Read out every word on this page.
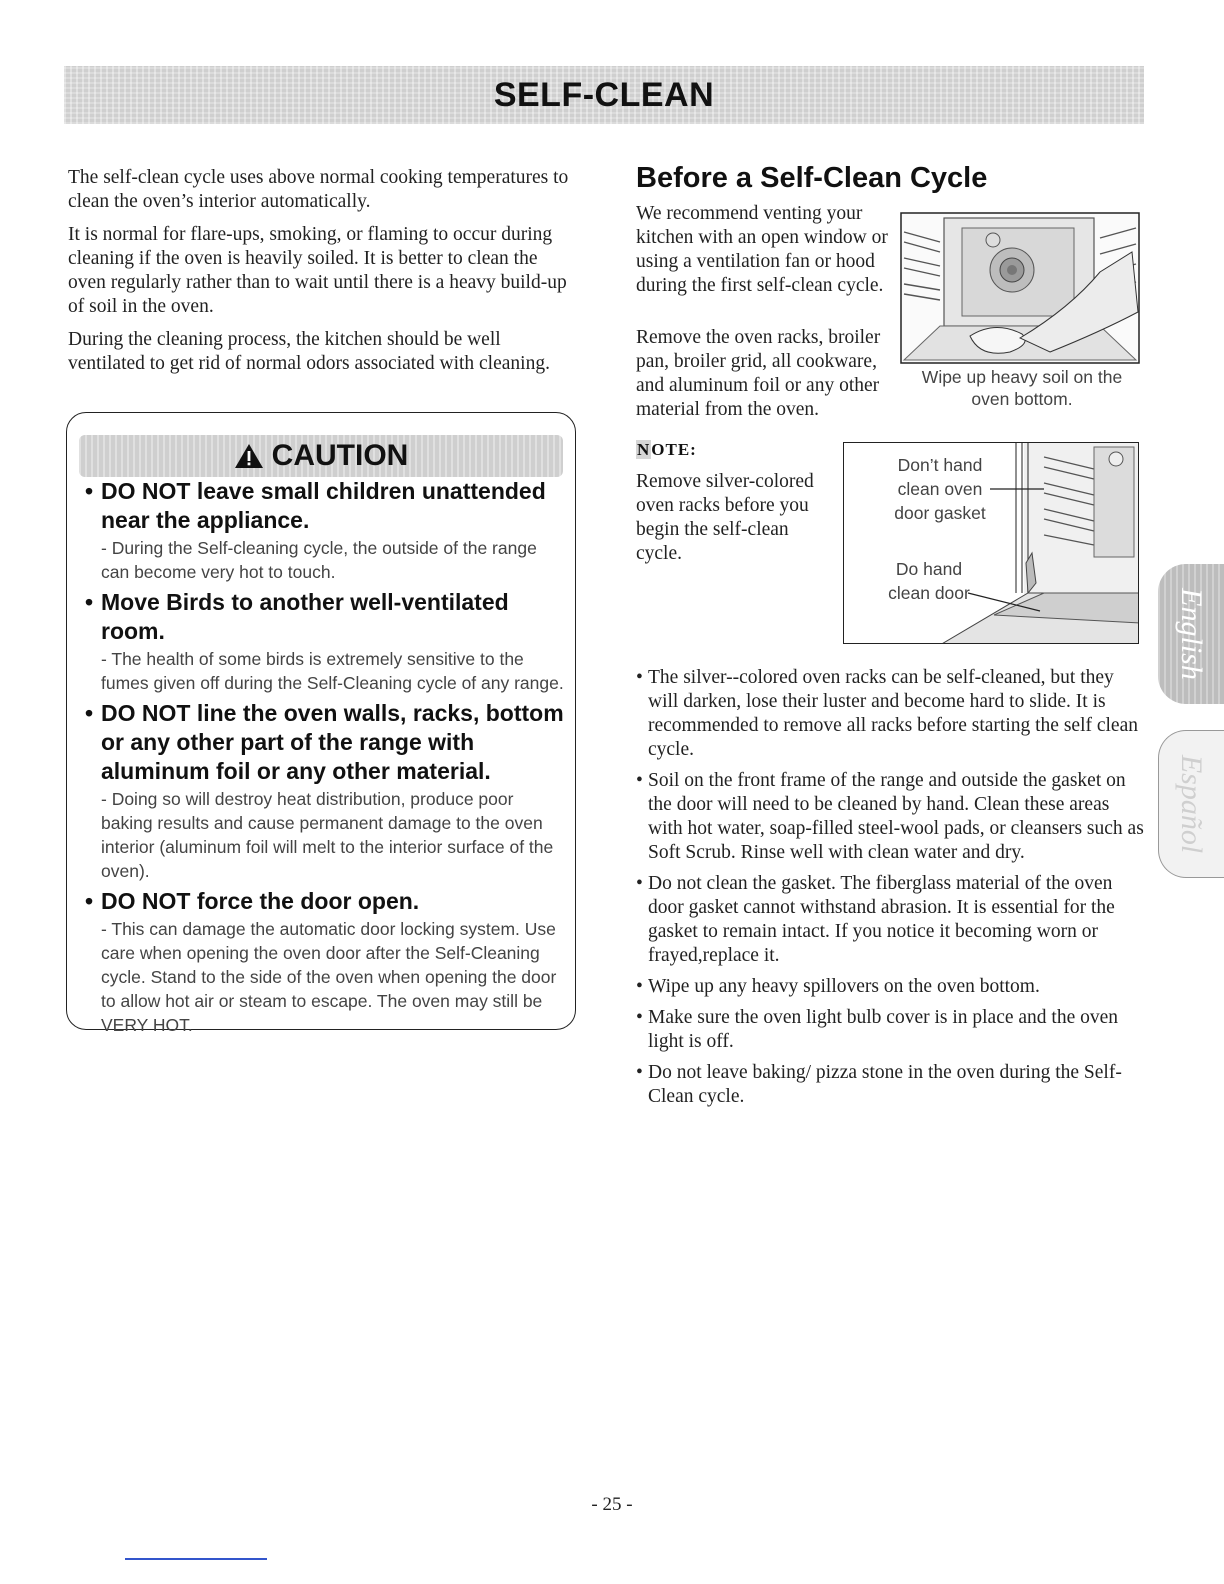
SELF-CLEAN

The self-clean cycle uses above normal cooking temperatures to clean the oven’s interior automatically.

It is normal for flare-ups, smoking, or flaming to occur during cleaning if the oven is heavily soiled. It is better to clean the oven regularly rather than to wait until there is a heavy build-up of soil in the oven.

During the cleaning process, the kitchen should be well ventilated to get rid of normal odors associated with cleaning.

CAUTION
• DO NOT leave small children unattended near the appliance.
- During the Self-cleaning cycle, the outside of the range can become very hot to touch.
• Move Birds to another well-ventilated room.
- The health of some birds is extremely sensitive to the fumes given off during the Self-Cleaning cycle of any range.
• DO NOT line the oven walls, racks, bottom or any other part of the range with aluminum foil or any other material.
- Doing so will destroy heat distribution, produce poor baking results and cause permanent damage to the oven interior (aluminum foil will melt to the interior surface of the oven).
• DO NOT force the door open.
- This can damage the automatic door locking system. Use care when opening the oven door after the Self-Cleaning cycle. Stand to the side of the oven when opening the door to allow hot air or steam to escape. The oven may still be VERY HOT.
Before a Self-Clean Cycle

We recommend venting your kitchen with an open window or using a ventilation fan or hood during the first self-clean cycle.

Remove the oven racks, broiler pan, broiler grid, all cookware, and aluminum foil or any other material from the oven.
Wipe up heavy soil on the oven bottom.
NOTE:
Remove silver-colored oven racks before you begin the self-clean cycle.
Don’t hand clean oven door gasket
Do hand clean door
• The silver--colored oven racks can be self-cleaned, but they will darken, lose their luster and become hard to slide. It is recommended to remove all racks before starting the self clean cycle.
• Soil on the front frame of the range and outside the gasket on the door will need to be cleaned by hand. Clean these areas with hot water, soap-filled steel-wool pads, or cleansers such as Soft Scrub. Rinse well with clean water and dry.
• Do not clean the gasket. The fiberglass material of the oven door gasket cannot withstand abrasion. It is essential for the gasket to remain intact. If you notice it becoming worn or frayed,replace it.
• Wipe up any heavy spillovers on the oven bottom.
• Make sure the oven light bulb cover is in place and the oven light is off.
• Do not leave baking/ pizza stone in the oven during the Self-Clean cycle.
English
Español
- 25 -
